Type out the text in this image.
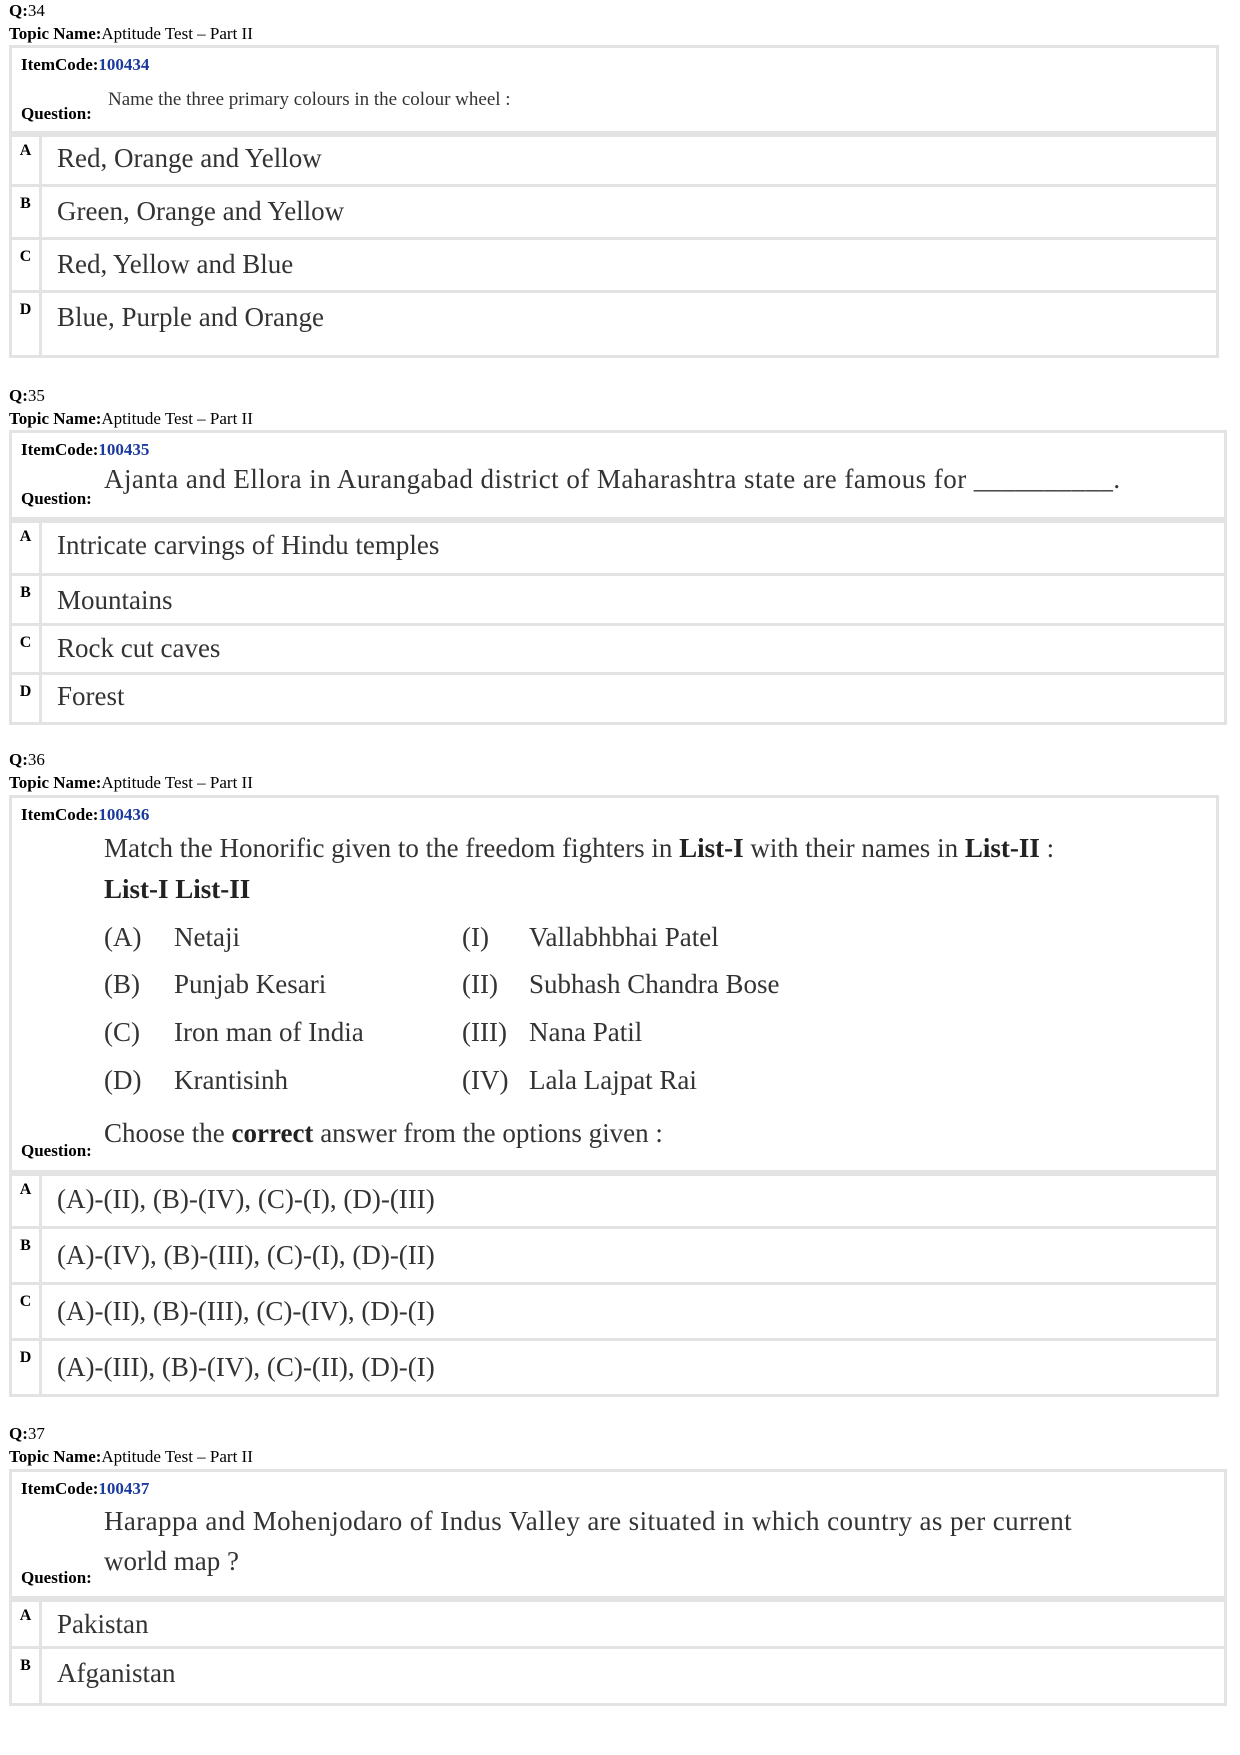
Q:34
Topic Name:Aptitude Test – Part II
ItemCode:100434
Name the three primary colours in the colour wheel :
Question:
A Red, Orange and Yellow
B Green, Orange and Yellow
C Red, Yellow and Blue
D Blue, Purple and Orange
Q:35
Topic Name:Aptitude Test – Part II
ItemCode:100435
Ajanta and Ellora in Aurangabad district of Maharashtra state are famous for __________.
Question:
A Intricate carvings of Hindu temples
B Mountains
C Rock cut caves
D Forest
Q:36
Topic Name:Aptitude Test – Part II
ItemCode:100436
Match the Honorific given to the freedom fighters in List-I with their names in List-II :
List-I List-II
(A) Netaji	(I) Vallabhbhai Patel
(B) Punjab Kesari	(II) Subhash Chandra Bose
(C) Iron man of India	(III) Nana Patil
(D) Krantisinh	(IV) Lala Lajpat Rai
Choose the correct answer from the options given :
Question:
A (A)-(II), (B)-(IV), (C)-(I), (D)-(III)
B (A)-(IV), (B)-(III), (C)-(I), (D)-(II)
C (A)-(II), (B)-(III), (C)-(IV), (D)-(I)
D (A)-(III), (B)-(IV), (C)-(II), (D)-(I)
Q:37
Topic Name:Aptitude Test – Part II
ItemCode:100437
Harappa and Mohenjodaro of Indus Valley are situated in which country as per current
world map ?
Question:
A Pakistan
B Afganistan
